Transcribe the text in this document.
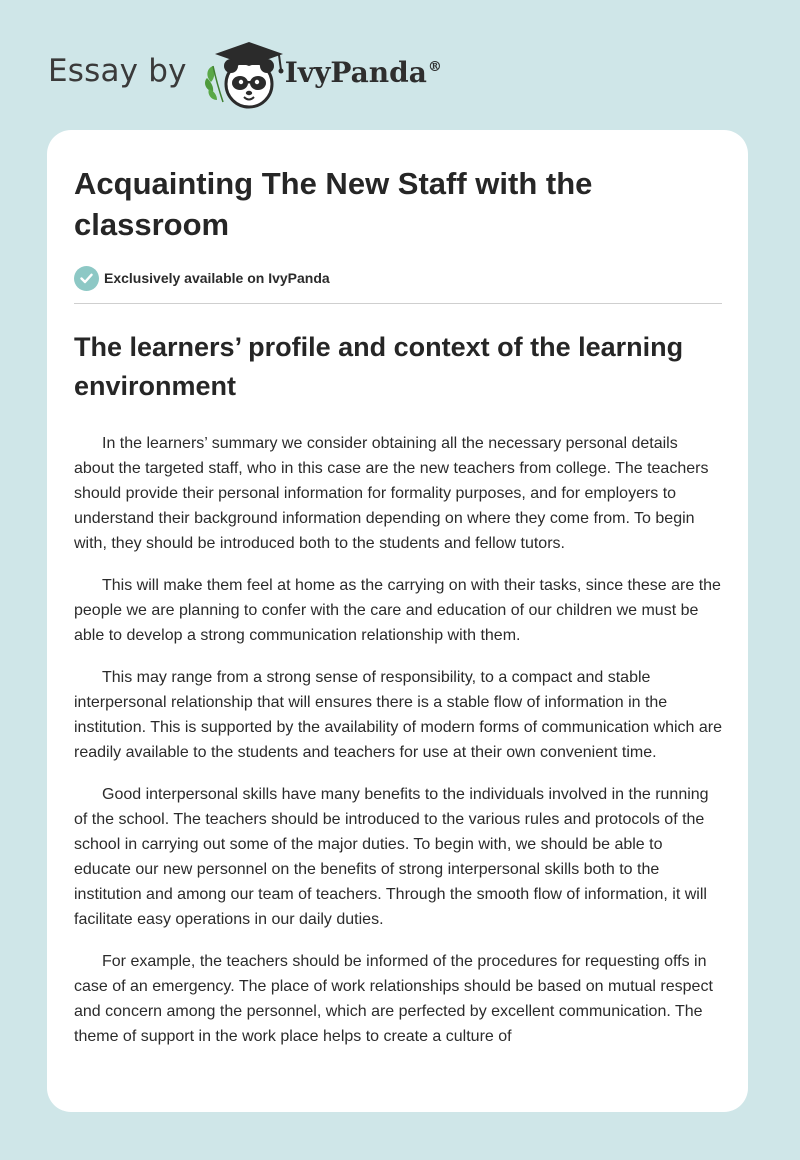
Essay by	IvyPanda®
Acquainting The New Staff with the classroom
Exclusively available on IvyPanda
The learners’ profile and context of the learning environment

In the learners’ summary we consider obtaining all the necessary personal details about the targeted staff, who in this case are the new teachers from college. The teachers should provide their personal information for formality purposes, and for employers to understand their background information depending on where they come from. To begin with, they should be introduced both to the students and fellow tutors.

This will make them feel at home as the carrying on with their tasks, since these are the people we are planning to confer with the care and education of our children we must be able to develop a strong communication relationship with them.

This may range from a strong sense of responsibility, to a compact and stable interpersonal relationship that will ensures there is a stable flow of information in the institution. This is supported by the availability of modern forms of communication which are readily available to the students and teachers for use at their own convenient time.

Good interpersonal skills have many benefits to the individuals involved in the running of the school. The teachers should be introduced to the various rules and protocols of the school in carrying out some of the major duties. To begin with, we should be able to educate our new personnel on the benefits of strong interpersonal skills both to the institution and among our team of teachers. Through the smooth flow of information, it will facilitate easy operations in our daily duties.

For example, the teachers should be informed of the procedures for requesting offs in case of an emergency. The place of work relationships should be based on mutual respect and concern among the personnel, which are perfected by excellent communication. The theme of support in the work place helps to create a culture of
